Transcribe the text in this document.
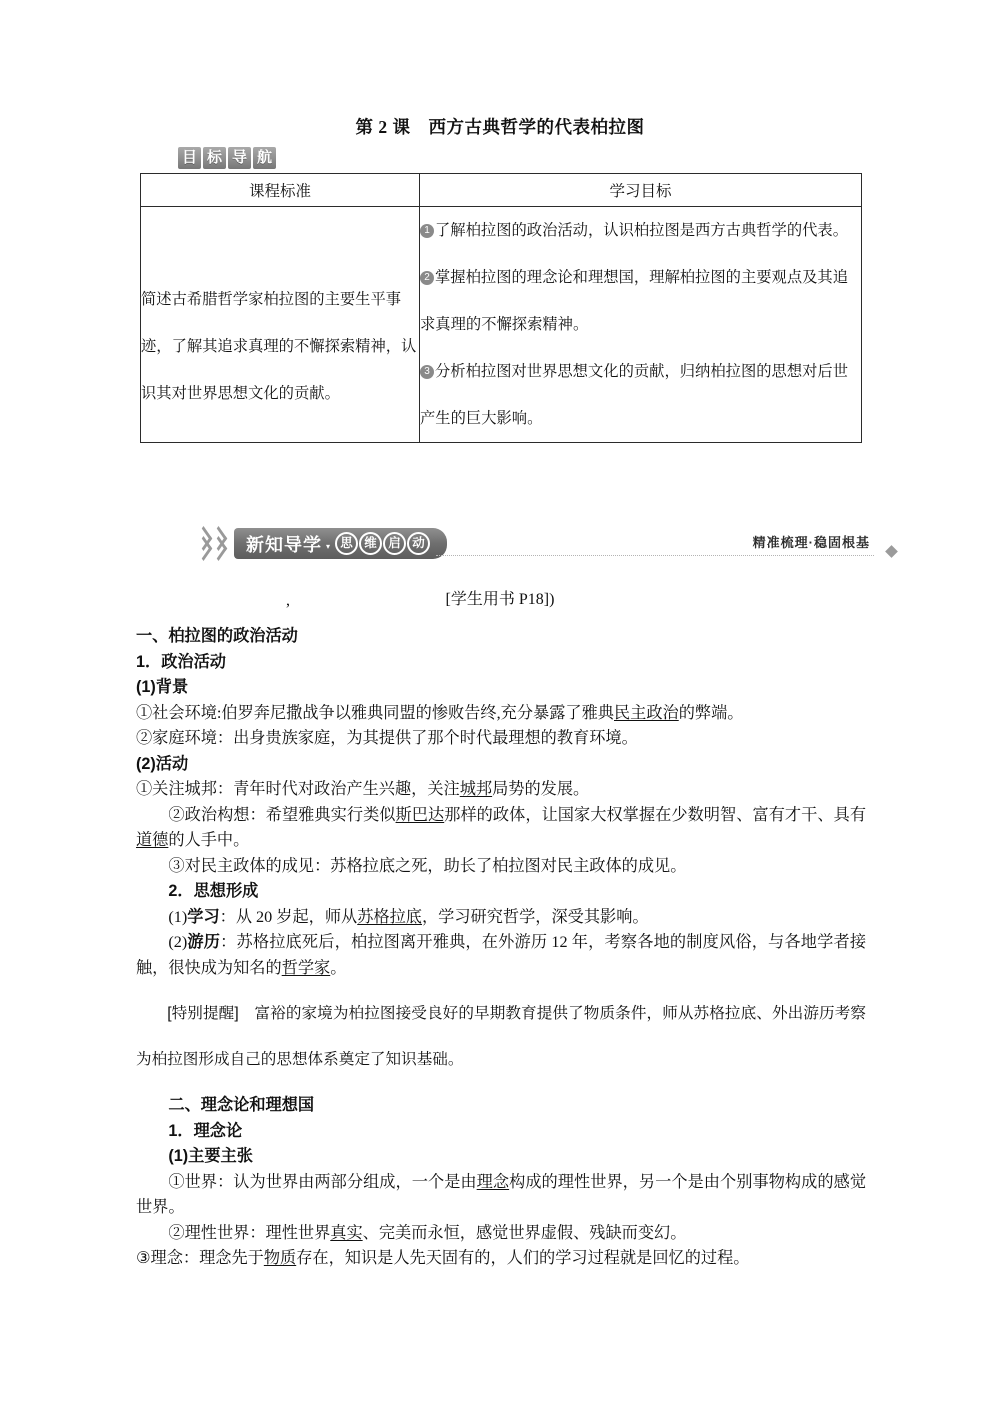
第 2 课　西方古典哲学的代表柏拉图
目 标 导 航
课程标准	学习目标

简述古希腊哲学家柏拉图的主要生平事迹，了解其追求真理的不懈探索精神，认识其对世界思想文化的贡献。	1 了解柏拉图的政治活动，认识柏拉图是西方古典哲学的代表。
2 掌握柏拉图的理念论和理想国，理解柏拉图的主要观点及其追求真理的不懈探索精神。
3 分析柏拉图对世界思想文化的贡献，归纳柏拉图的思想对后世产生的巨大影响。
新知导学 ▾ 思 维 启 动	精准梳理·稳固根基
,	[学生用书 P18])
一、柏拉图的政治活动
1．政治活动
(1)背景
①社会环境:伯罗奔尼撒战争以雅典同盟的惨败告终,充分暴露了雅典民主政治的弊端。
②家庭环境：出身贵族家庭，为其提供了那个时代最理想的教育环境。
(2)活动
①关注城邦：青年时代对政治产生兴趣，关注城邦局势的发展。
②政治构想：希望雅典实行类似斯巴达那样的政体，让国家大权掌握在少数明智、富有才干、具有道德的人手中。
③对民主政体的成见：苏格拉底之死，助长了柏拉图对民主政体的成见。
2．思想形成
(1)学习：从 20 岁起，师从苏格拉底，学习研究哲学，深受其影响。
(2)游历：苏格拉底死后，柏拉图离开雅典，在外游历 12 年，考察各地的制度风俗，与各地学者接触，很快成为知名的哲学家。
[特别提醒]　 富裕的家境为柏拉图接受良好的早期教育提供了物质条件，师从苏格拉底、外出游历考察为柏拉图形成自己的思想体系奠定了知识基础。
二、理念论和理想国
1．理念论
(1)主要主张
①世界：认为世界由两部分组成，一个是由理念构成的理性世界，另一个是由个别事物构成的感觉世界。
②理性世界：理性世界真实、完美而永恒，感觉世界虚假、残缺而变幻。
③理念：理念先于物质存在，知识是人先天固有的，人们的学习过程就是回忆的过程。
